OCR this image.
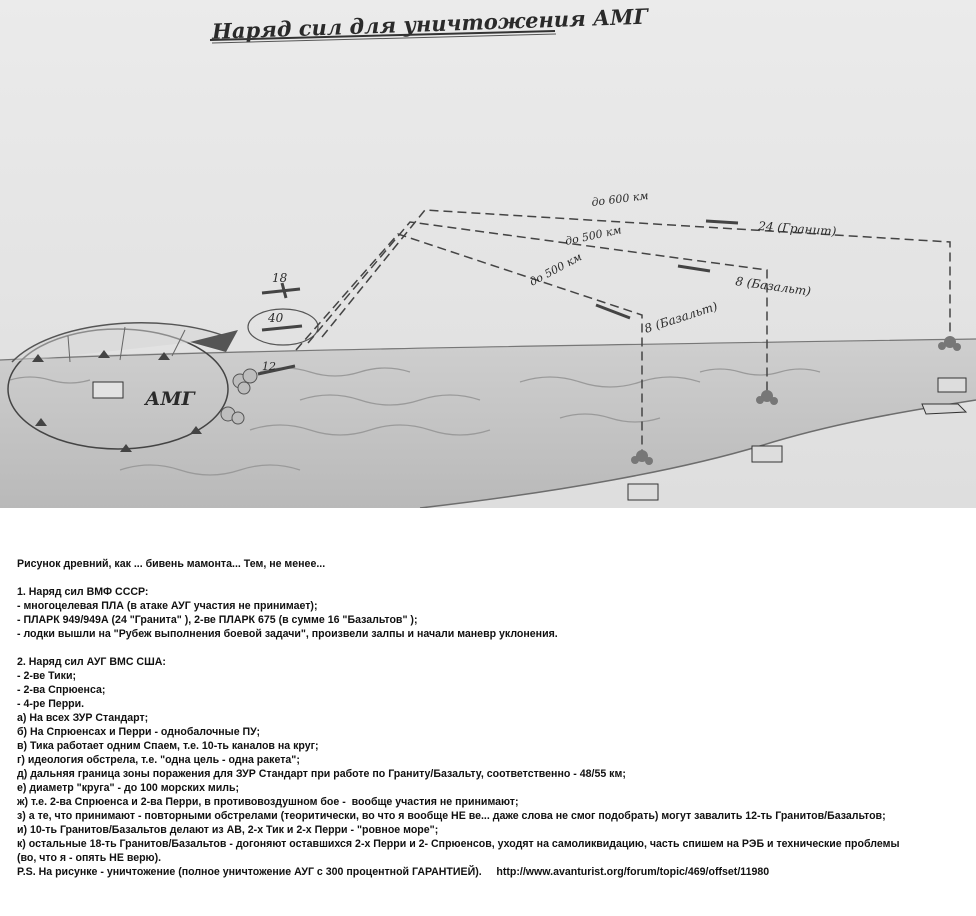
Наряд сил для уничтожения АМГ
АМГ
18
40
12
до 600 км
до 500 км
до 500 км
24 (Гранит)
8 (Базальт)
8 (Базальт)
Рисунок древний, как ... бивень мамонта... Тем, не менее...
1. Наряд сил ВМФ СССР:
- многоцелевая ПЛА (в атаке АУГ участия не принимает);
- ПЛАРК 949/949А (24 "Гранита" ), 2-ве ПЛАРК 675 (в сумме 16 "Базальтов" );
- лодки вышли на "Рубеж выполнения боевой задачи", произвели залпы и начали маневр уклонения.
2. Наряд сил АУГ ВМС США:
- 2-ве Тики;
- 2-ва Спрюенса;
- 4-ре Перри.
а) На всех ЗУР Стандарт;
б) На Спрюенсах и Перри - однобалочные ПУ;
в) Тика работает одним Спаем, т.е. 10-ть каналов на круг;
г) идеология обстрела, т.е. "одна цель - одна ракета";
д) дальняя граница зоны поражения для ЗУР Стандарт при работе по Граниту/Базальту, соответственно - 48/55 км;
е) диаметр "круга" - до 100 морских миль;
ж) т.е. 2-ва Спрюенса и 2-ва Перри, в противовоздушном бое -  вообще участия не принимают;
з) а те, что принимают - повторными обстрелами (теоритически, во что я вообще НЕ ве... даже слова не смог подобрать) могут завалить 12-ть Гранитов/Базальтов;
и) 10-ть Гранитов/Базальтов делают из АВ, 2-х Тик и 2-х Перри - "ровное море";
к) остальные 18-ть Гранитов/Базальтов - догоняют оставшихся 2-х Перри и 2- Спрюенсов, уходят на самоликвидацию, часть спишем на РЭБ и технические проблемы
(во, что я - опять НЕ верю).
P.S. На рисунке - уничтожение (полное уничтожение АУГ с 300 процентной ГАРАНТИЕЙ). http://www.avanturist.org/forum/topic/469/offset/11980
